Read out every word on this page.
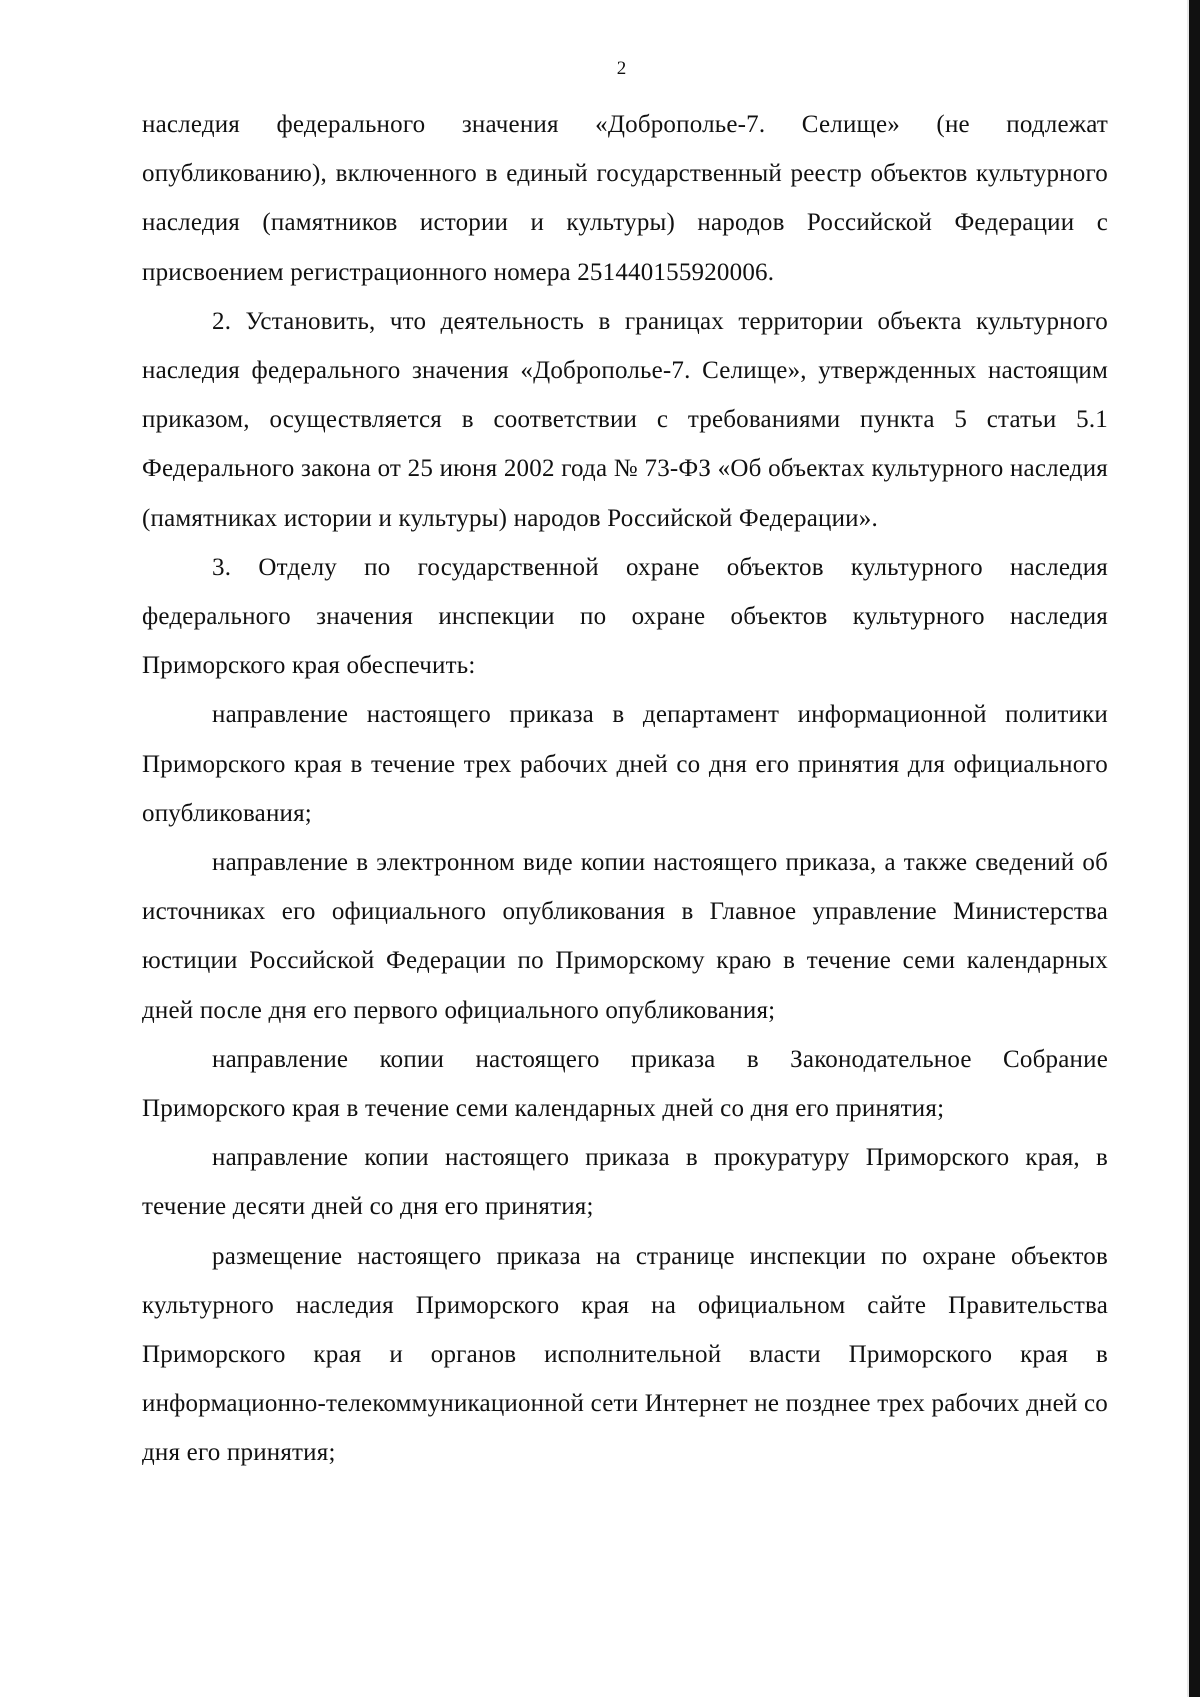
2

наследия федерального значения «Доброполье-7. Селище» (не подлежат опубликованию), включенного в единый государственный реестр объектов культурного наследия (памятников истории и культуры) народов Российской Федерации с присвоением регистрационного номера 251440155920006.

2. Установить, что деятельность в границах территории объекта культурного наследия федерального значения «Доброполье-7. Селище», утвержденных настоящим приказом, осуществляется в соответствии с требованиями пункта 5 статьи 5.1 Федерального закона от 25 июня 2002 года № 73-ФЗ «Об объектах культурного наследия (памятниках истории и культуры) народов Российской Федерации».

3. Отделу по государственной охране объектов культурного наследия федерального значения инспекции по охране объектов культурного наследия Приморского края обеспечить:

направление настоящего приказа в департамент информационной политики Приморского края в течение трех рабочих дней со дня его принятия для официального опубликования;

направление в электронном виде копии настоящего приказа, а также сведений об источниках его официального опубликования в Главное управление Министерства юстиции Российской Федерации по Приморскому краю в течение семи календарных дней после дня его первого официального опубликования;

направление копии настоящего приказа в Законодательное Собрание Приморского края в течение семи календарных дней со дня его принятия;

направление копии настоящего приказа в прокуратуру Приморского края, в течение десяти дней со дня его принятия;

размещение настоящего приказа на странице инспекции по охране объектов культурного наследия Приморского края на официальном сайте Правительства Приморского края и органов исполнительной власти Приморского края в информационно-телекоммуникационной сети Интернет не позднее трех рабочих дней со дня его принятия;
